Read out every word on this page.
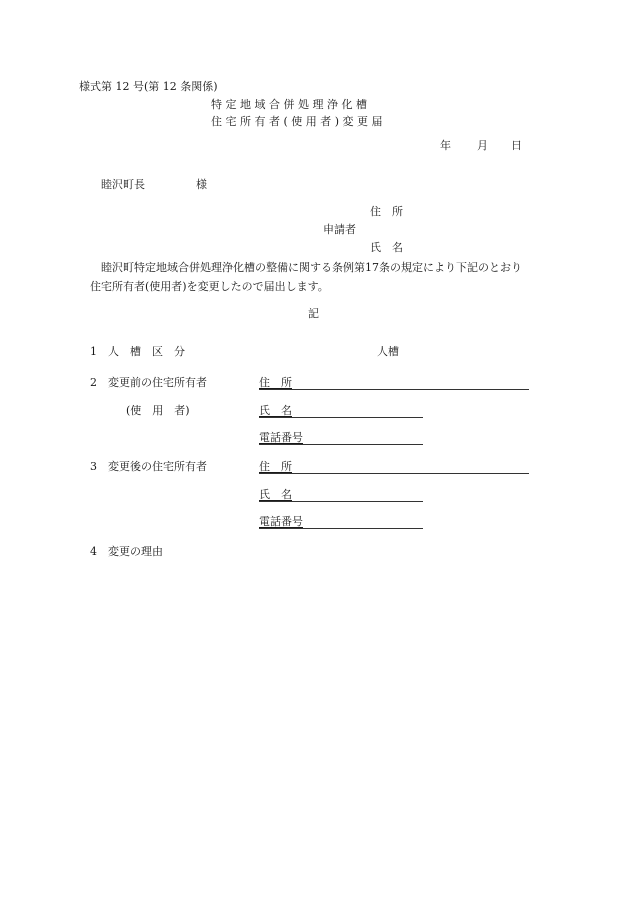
様式第 12 号(第 12 条関係)
特 定 地 域 合 併 処 理 浄 化 槽
住 宅 所 有 者 ( 使 用 者 ) 変 更 届
年 月 日
睦沢町長	様
住　所
申請者
氏　名
睦沢町特定地域合併処理浄化槽の整備に関する条例第17条の規定により下記のとおり
住宅所有者(使用者)を変更したので届出します。
記
1 人　槽　区　分	人槽
2 変更前の住宅所有者	住　所
(使　用　者)	氏　名
電話番号
3 変更後の住宅所有者	住　所
氏　名
電話番号
4 変更の理由
